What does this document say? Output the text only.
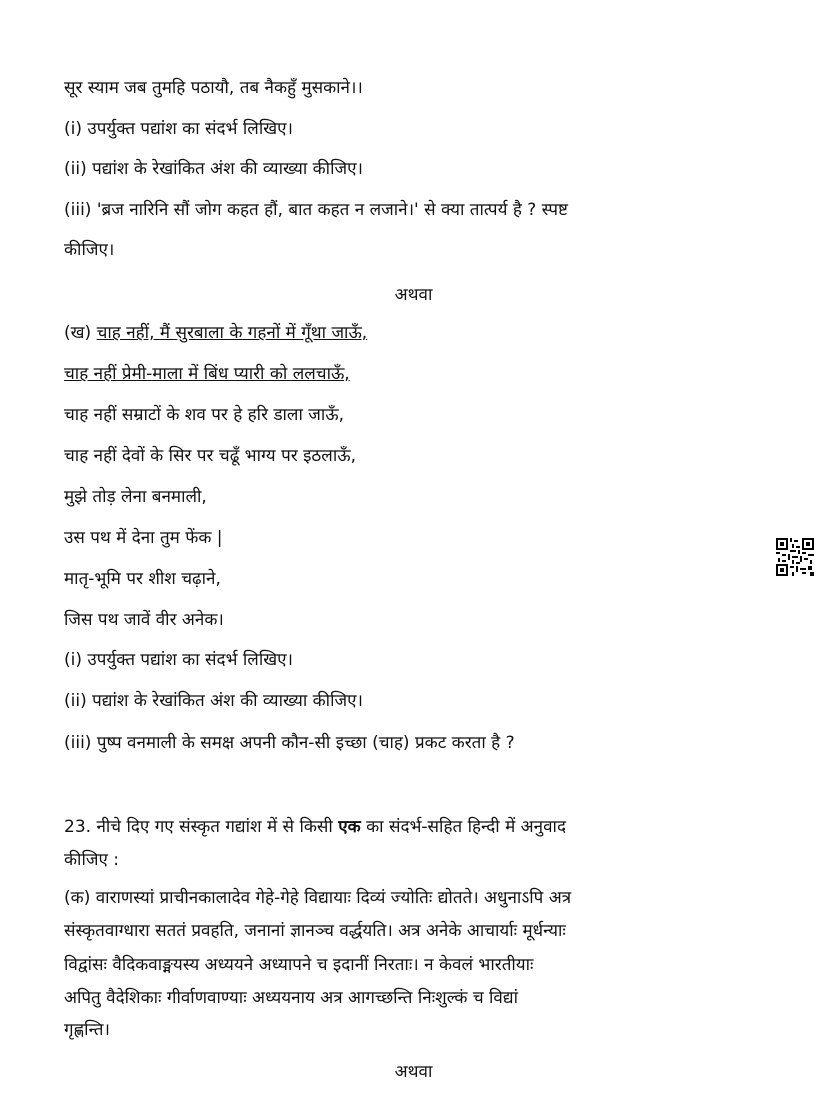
सूर स्याम जब तुमहि पठायौ, तब नैकहुँ मुसकाने।।
(i) उपर्युक्त पद्यांश का संदर्भ लिखिए।
(ii) पद्यांश के रेखांकित अंश की व्याख्या कीजिए।
(iii) 'ब्रज नारिनि सौं जोग कहत हौं, बात कहत न लजाने।' से क्या तात्पर्य है ? स्पष्ट
कीजिए।
अथवा
(ख) चाह नहीं, मैं सुरबाला के गहनों में गूँथा जाऊँ,
चाह नहीं प्रेमी-माला में बिंध प्यारी को ललचाऊँ,
चाह नहीं सम्राटों के शव पर हे हरि डाला जाऊँ,
चाह नहीं देवों के सिर पर चढूँ भाग्य पर इठलाऊँ,
मुझे तोड़ लेना बनमाली,
उस पथ में देना तुम फेंक |
मातृ-भूमि पर शीश चढ़ाने,
जिस पथ जावें वीर अनेक।
(i) उपर्युक्त पद्यांश का संदर्भ लिखिए।
(ii) पद्यांश के रेखांकित अंश की व्याख्या कीजिए।
(iii) पुष्प वनमाली के समक्ष अपनी कौन-सी इच्छा (चाह) प्रकट करता है ?
23. नीचे दिए गए संस्कृत गद्यांश में से किसी एक का संदर्भ-सहित हिन्दी में अनुवाद
कीजिए :
(क) वाराणस्यां प्राचीनकालादेव गेहे-गेहे विद्यायाः दिव्यं ज्योतिः द्योतते। अधुनाऽपि अत्र
संस्कृतवाग्धारा सततं प्रवहति, जनानां ज्ञानञ्च वर्द्धयति। अत्र अनेके आचार्याः मूर्धन्याः
विद्वांसः वैदिकवाङ्मयस्य अध्ययने अध्यापने च इदानीं निरताः। न केवलं भारतीयाः
अपितु वैदेशिकाः गीर्वाणवाण्याः अध्ययनाय अत्र आगच्छन्ति निःशुल्कं च विद्यां
गृह्णन्ति।
अथवा
